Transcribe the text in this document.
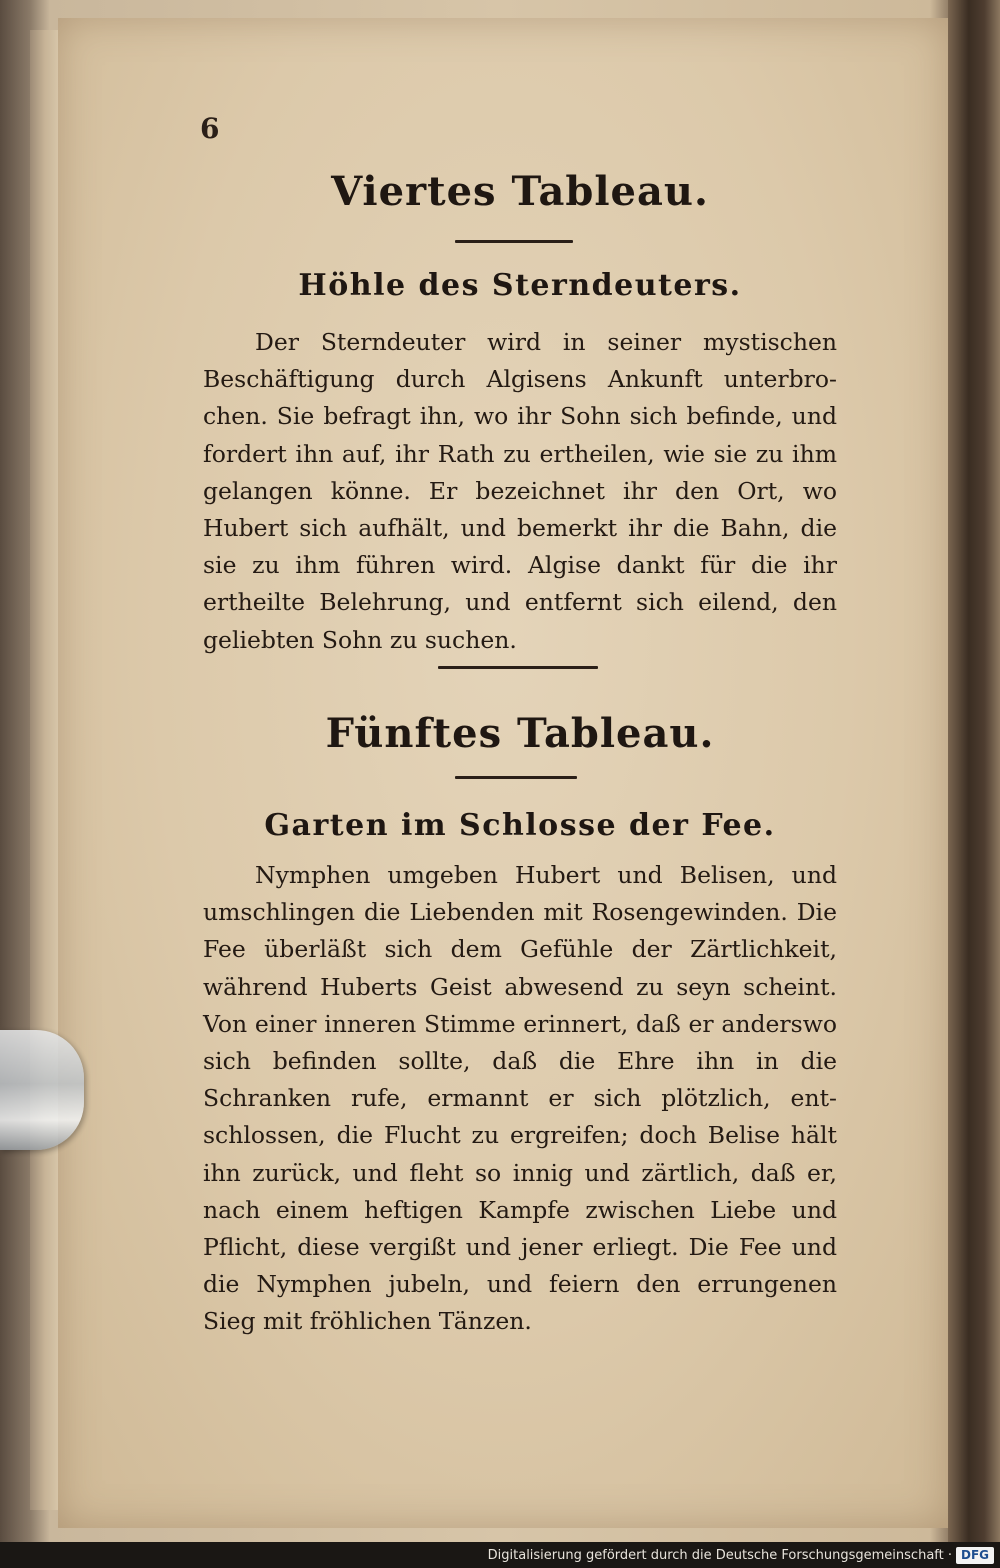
6
Viertes Tableau.
Höhle des Sterndeuters.
Der Sterndeuter wird in seiner mystischen Beschäftigung durch Algisens Ankunft unterbrochen. Sie befragt ihn, wo ihr Sohn sich befinde, und fordert ihn auf, ihr Rath zu ertheilen, wie sie zu ihm gelangen könne. Er bezeichnet ihr den Ort, wo Hubert sich aufhält, und bemerkt ihr die Bahn, die sie zu ihm führen wird. Algise dankt für die ihr ertheilte Belehrung, und entfernt sich eilend, den geliebten Sohn zu suchen.
Fünftes Tableau.
Garten im Schlosse der Fee.
Nymphen umgeben Hubert und Belisen, und umschlingen die Liebenden mit Rosengewinden. Die Fee überläßt sich dem Gefühle der Zärtlichkeit, während Huberts Geist abwesend zu seyn scheint. Von einer inneren Stimme erinnert, daß er anderswo sich befinden sollte, daß die Ehre ihn in die Schranken rufe, ermannt er sich plötzlich, entschlossen, die Flucht zu ergreifen; doch Belise hält ihn zurück, und fleht so innig und zärtlich, daß er, nach einem heftigen Kampfe zwischen Liebe und Pflicht, diese vergißt und jener erliegt. Die Fee und die Nymphen jubeln, und feiern den errungenen Sieg mit fröhlichen Tänzen.
Digitalisierung gefördert durch die Deutsche Forschungsgemeinschaft · DFG
